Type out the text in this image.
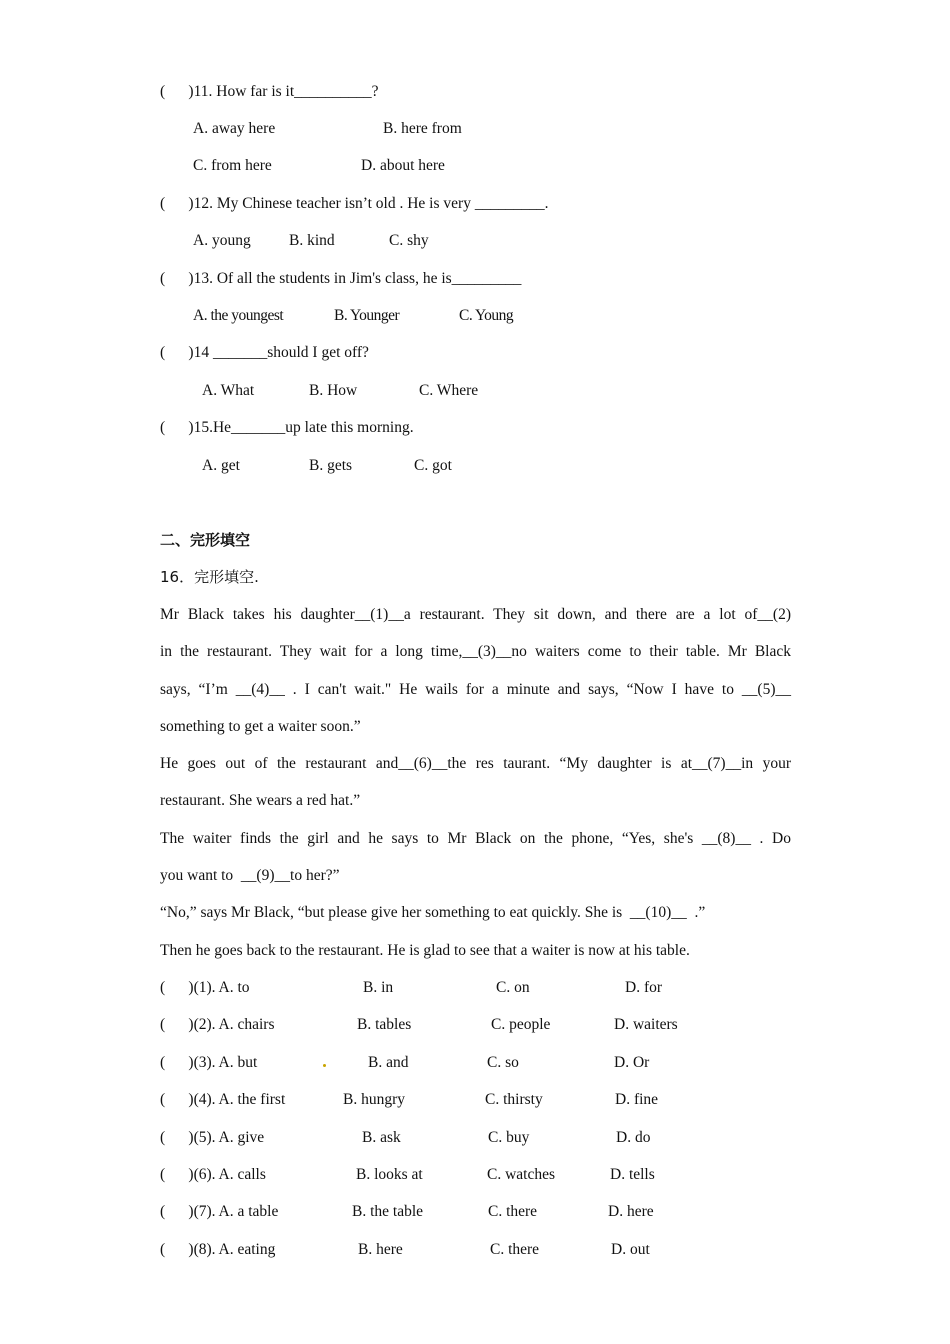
(      )11. How far is it__________?
A. away here	B. here from
C. from here	D. about here
(      )12. My Chinese teacher isn’t old . He is very _________.
A. young B. kind	C. shy
(      )13. Of all the students in Jim's class, he is_________
A. the youngest	B. Younger	C. Young
(      )14 _______should I get off?
A. What	B. How	C. Where
(      )15.He_______up late this morning.
A. get	B. gets	C. got
二、完形填空
16．完形填空.
Mr Black takes his daughter__(1)__a restaurant. They sit down, and there are a lot of__(2)
in the restaurant. They wait for a long time,__(3)__no waiters come to their table. Mr Black
says, “I’m __(4)__ . I can't wait." He wails for a minute and says, “Now I have to __(5)__
something to get a waiter soon.”
He goes out of the restaurant and__(6)__the res taurant. “My daughter is at__(7)__in your
restaurant. She wears a red hat.”
The waiter finds the girl and he says to Mr Black on the phone, “Yes, she's __(8)__ . Do
you want to  __(9)__to her?”
“No,” says Mr Black, “but please give her something to eat quickly. She is  __(10)__  .”
Then he goes back to the restaurant. He is glad to see that a waiter is now at his table.
(      )(1). A. to	B. in	C. on	D. for
(      )(2). A. chairs	B. tables	C. people	D. waiters
(      )(3). A. but	B. and	C. so	D. Or
(      )(4). A. the first	B. hungry	C. thirsty	D. fine
(      )(5). A. give	B. ask	C. buy	D. do
(      )(6). A. calls	B. looks at	C. watches	D. tells
(      )(7). A. a table	B. the table	C. there	D. here
(      )(8). A. eating	B. here	C. there	D. out
